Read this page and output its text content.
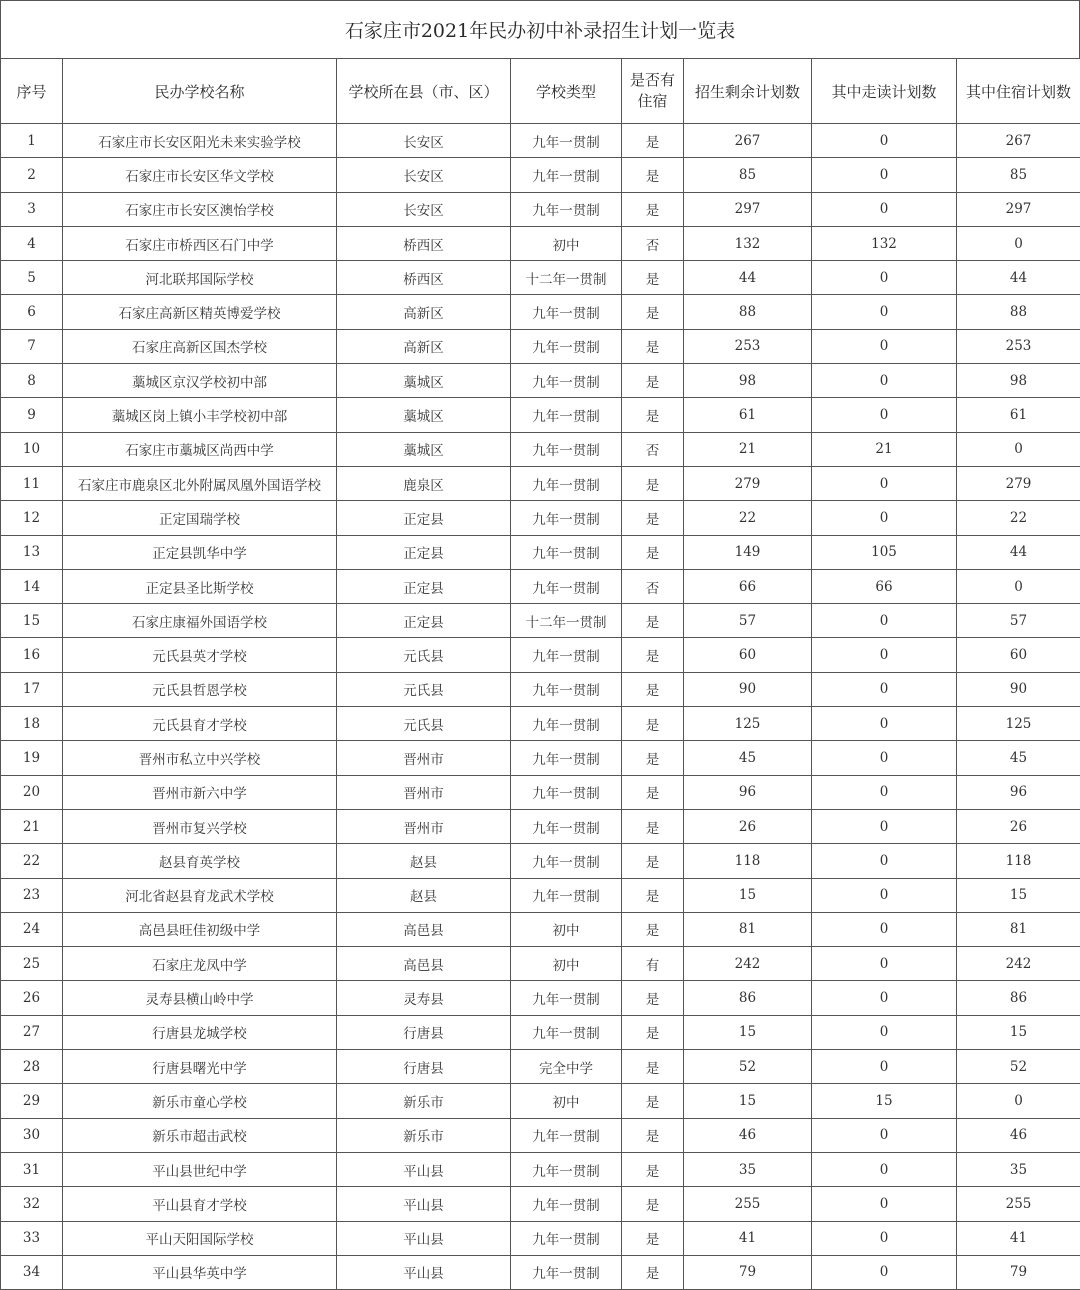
石家庄市2021年民办初中补录招生计划一览表
序号	民办学校名称	学校所在县（市、区）	学校类型	是否有
住宿	招生剩余计划数	其中走读计划数	其中住宿计划数
1	石家庄市长安区阳光未来实验学校	长安区	九年一贯制	是	267	0	267
2	石家庄市长安区华文学校	长安区	九年一贯制	是	85	0	85
3	石家庄市长安区澳怡学校	长安区	九年一贯制	是	297	0	297
4	石家庄市桥西区石门中学	桥西区	初中	否	132	132	0
5	河北联邦国际学校	桥西区	十二年一贯制	是	44	0	44
6	石家庄高新区精英博爱学校	高新区	九年一贯制	是	88	0	88
7	石家庄高新区国杰学校	高新区	九年一贯制	是	253	0	253
8	藁城区京汉学校初中部	藁城区	九年一贯制	是	98	0	98
9	藁城区岗上镇小丰学校初中部	藁城区	九年一贯制	是	61	0	61
10	石家庄市藁城区尚西中学	藁城区	九年一贯制	否	21	21	0
11	石家庄市鹿泉区北外附属凤凰外国语学校	鹿泉区	九年一贯制	是	279	0	279
12	正定国瑞学校	正定县	九年一贯制	是	22	0	22
13	正定县凯华中学	正定县	九年一贯制	是	149	105	44
14	正定县圣比斯学校	正定县	九年一贯制	否	66	66	0
15	石家庄康福外国语学校	正定县	十二年一贯制	是	57	0	57
16	元氏县英才学校	元氏县	九年一贯制	是	60	0	60
17	元氏县哲恩学校	元氏县	九年一贯制	是	90	0	90
18	元氏县育才学校	元氏县	九年一贯制	是	125	0	125
19	晋州市私立中兴学校	晋州市	九年一贯制	是	45	0	45
20	晋州市新六中学	晋州市	九年一贯制	是	96	0	96
21	晋州市复兴学校	晋州市	九年一贯制	是	26	0	26
22	赵县育英学校	赵县	九年一贯制	是	118	0	118
23	河北省赵县育龙武术学校	赵县	九年一贯制	是	15	0	15
24	高邑县旺佳初级中学	高邑县	初中	是	81	0	81
25	石家庄龙凤中学	高邑县	初中	有	242	0	242
26	灵寿县横山岭中学	灵寿县	九年一贯制	是	86	0	86
27	行唐县龙城学校	行唐县	九年一贯制	是	15	0	15
28	行唐县曙光中学	行唐县	完全中学	是	52	0	52
29	新乐市童心学校	新乐市	初中	是	15	15	0
30	新乐市超击武校	新乐市	九年一贯制	是	46	0	46
31	平山县世纪中学	平山县	九年一贯制	是	35	0	35
32	平山县育才学校	平山县	九年一贯制	是	255	0	255
33	平山天阳国际学校	平山县	九年一贯制	是	41	0	41
34	平山县华英中学	平山县	九年一贯制	是	79	0	79
